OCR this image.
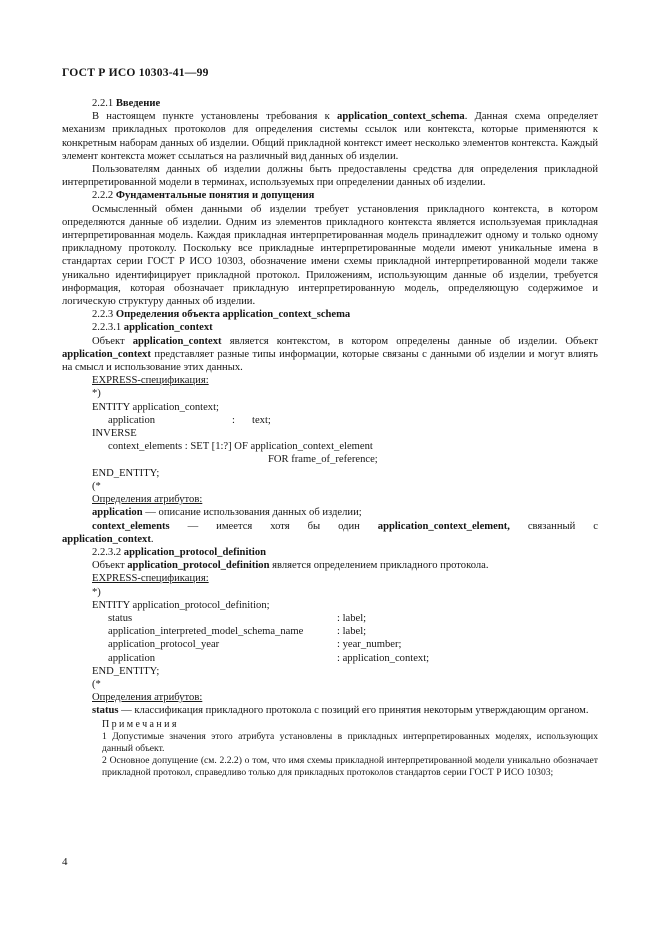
ГОСТ Р ИСО 10303-41—99

2.2.1 Введение

В настоящем пункте установлены требования к application_context_schema. Данная схема определяет механизм прикладных протоколов для определения системы ссылок или контекста, которые применяются к конкретным наборам данных об изделии. Общий прикладной контекст имеет несколько элементов контекста. Каждый элемент контекста может ссылаться на различный вид данных об изделии.

Пользователям данных об изделии должны быть предоставлены средства для определения прикладной интерпретированной модели в терминах, используемых при определении данных об изделии.

2.2.2 Фундаментальные понятия и допущения

Осмысленный обмен данными об изделии требует установления прикладного контекста, в котором определяются данные об изделии. Одним из элементов прикладного контекста является используемая прикладная интерпретированная модель. Каждая прикладная интерпретированная модель принадлежит одному и только одному прикладному протоколу. Поскольку все прикладные интерпретированные модели имеют уникальные имена в стандартах серии ГОСТ Р ИСО 10303, обозначение имени схемы прикладной интерпретированной модели также уникально идентифицирует прикладной протокол. Приложениям, использующим данные об изделии, требуется информация, которая обозначает прикладную интерпретированную модель, определяющую содержимое и логическую структуру данных об изделии.

2.2.3 Определения объекта application_context_schema

2.2.3.1 application_context

Объект application_context является контекстом, в котором определены данные об изделии. Объект application_context представляет разные типы информации, которые связаны с данными об изделии и могут влиять на смысл и использование этих данных.

EXPRESS-спецификация:

*)

ENTITY application_context;

application	:	text;

INVERSE

context_elements : SET [1:?] OF application_context_element

FOR frame_of_reference;

END_ENTITY;

(*

Определения атрибутов:

application — описание использования данных об изделии;

context_elements — имеется хотя бы один application_context_element, связанный с

application_context.

2.2.3.2 application_protocol_definition

Объект application_protocol_definition является определением прикладного протокола.

EXPRESS-спецификация:

*)

ENTITY application_protocol_definition;

status	: label;
application_interpreted_model_schema_name	: label;
application_protocol_year	: year_number;
application	: application_context;

END_ENTITY;

(*

Определения атрибутов:

status — классификация прикладного протокола с позиций его принятия некоторым утверждающим органом.

Примечания

1 Допустимые значения этого атрибута установлены в прикладных интерпретированных моделях, использующих данный объект.

2 Основное допущение (см. 2.2.2) о том, что имя схемы прикладной интерпретированной модели уникально обозначает прикладной протокол, справедливо только для прикладных протоколов стандартов серии ГОСТ Р ИСО 10303;

4
